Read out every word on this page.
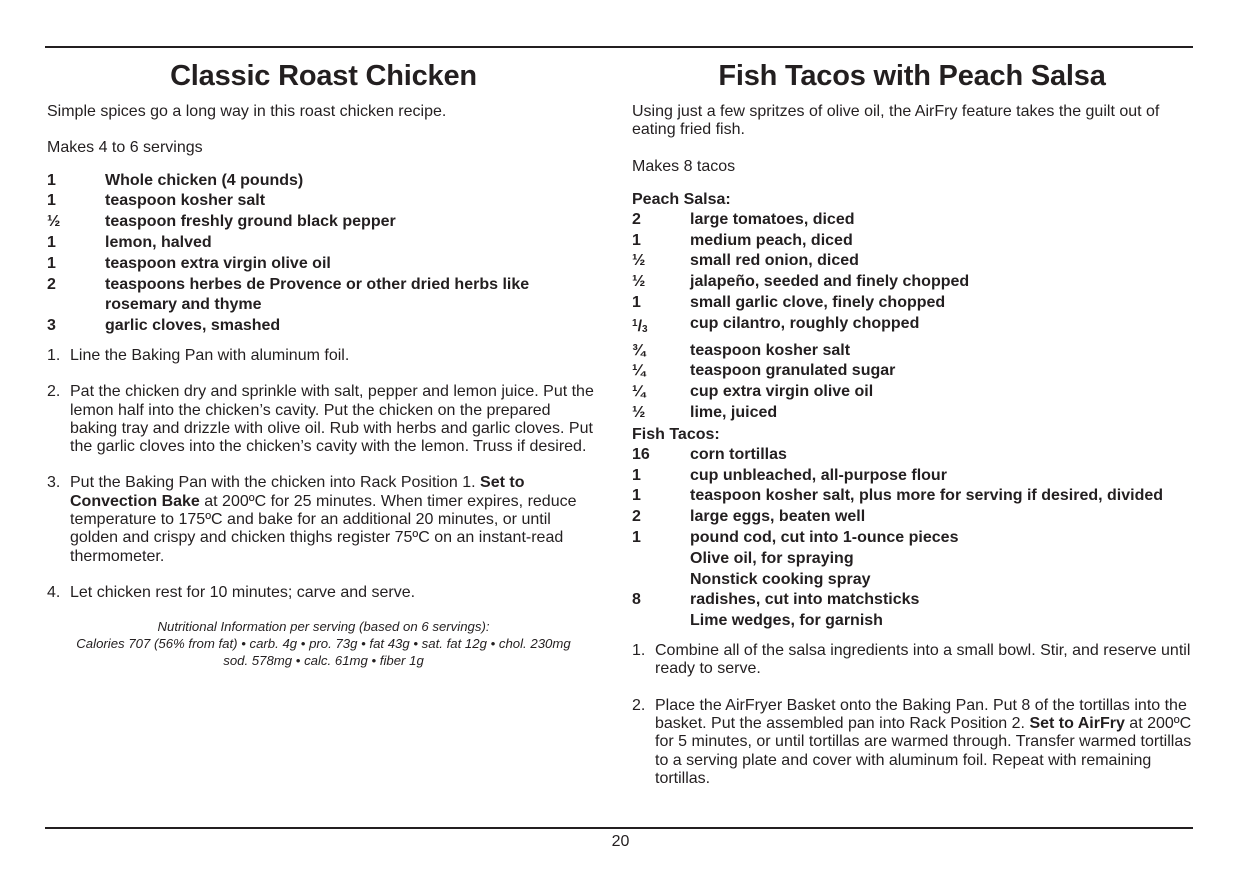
Classic Roast Chicken

Simple spices go a long way in this roast chicken recipe.

Makes 4 to 6 servings

1	Whole chicken (4 pounds)
1	teaspoon kosher salt
½	teaspoon freshly ground black pepper
1	lemon, halved
1	teaspoon extra virgin olive oil
2	teaspoons herbes de Provence or other dried herbs like rosemary and thyme
3	garlic cloves, smashed
1. Line the Baking Pan with aluminum foil.
2. Pat the chicken dry and sprinkle with salt, pepper and lemon juice. Put the lemon half into the chicken’s cavity. Put the chicken on the prepared baking tray and drizzle with olive oil. Rub with herbs and garlic cloves. Put the garlic cloves into the chicken’s cavity with the lemon. Truss if desired.
3. Put the Baking Pan with the chicken into Rack Position 1. Set to Convection Bake at 200ºC for 25 minutes. When timer expires, reduce temperature to 175ºC and bake for an additional 20 minutes, or until golden and crispy and chicken thighs register 75ºC on an instant-read thermometer.
4. Let chicken rest for 10 minutes; carve and serve.
Nutritional Information per serving (based on 6 servings):
Calories 707 (56% from fat) • carb. 4g • pro. 73g • fat 43g • sat. fat 12g • chol. 230mg
sod. 578mg • calc. 61mg • fiber 1g
Fish Tacos with Peach Salsa

Using just a few spritzes of olive oil, the AirFry feature takes the guilt out of eating fried fish.

Makes 8 tacos

Peach Salsa:
2	large tomatoes, diced
1	medium peach, diced
½	small red onion, diced
½	jalapeño, seeded and finely chopped
1	small garlic clove, finely chopped
$^1/_3$	cup cilantro, roughly chopped
¾	teaspoon kosher salt
¼	teaspoon granulated sugar
¼	cup extra virgin olive oil
½	lime, juiced
Fish Tacos:
16	corn tortillas
1	cup unbleached, all-purpose flour
1	teaspoon kosher salt, plus more for serving if desired, divided
2	large eggs, beaten well
1	pound cod, cut into 1-ounce pieces
Olive oil, for spraying
Nonstick cooking spray
8	radishes, cut into matchsticks
Lime wedges, for garnish
1. Combine all of the salsa ingredients into a small bowl. Stir, and reserve until ready to serve.
2. Place the AirFryer Basket onto the Baking Pan. Put 8 of the tortillas into the basket. Put the assembled pan into Rack Position 2. Set to AirFry at 200ºC for 5 minutes, or until tortillas are warmed through. Transfer warmed tortillas to a serving plate and cover with aluminum foil. Repeat with remaining tortillas.
20
